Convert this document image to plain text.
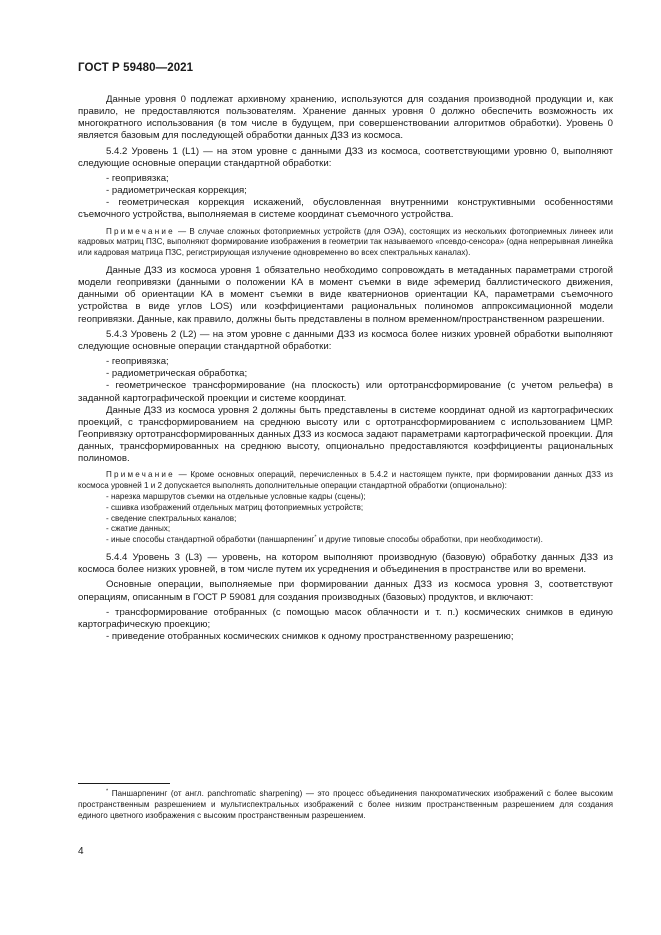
ГОСТ Р 59480—2021

Данные уровня 0 подлежат архивному хранению, используются для создания производной продукции и, как правило, не предоставляются пользователям. Хранение данных уровня 0 должно обеспечить возможность их многократного использования (в том числе в будущем, при совершенствовании алгоритмов обработки). Уровень 0 является базовым для последующей обработки данных ДЗЗ из космоса.

5.4.2 Уровень 1 (L1) — на этом уровне с данными ДЗЗ из космоса, соответствующими уровню 0, выполняют следующие основные операции стандартной обработки:

- геопривязка;

- радиометрическая коррекция;

- геометрическая коррекция искажений, обусловленная внутренними конструктивными особенностями съемочного устройства, выполняемая в системе координат съемочного устройства.

Примечание — В случае сложных фотоприемных устройств (для ОЭА), состоящих из нескольких фотоприемных линеек или кадровых матриц ПЗС, выполняют формирование изображения в геометрии так называемого «псевдо-сенсора» (одна непрерывная линейка или кадровая матрица ПЗС, регистрирующая излучение одновременно во всех спектральных каналах).

Данные ДЗЗ из космоса уровня 1 обязательно необходимо сопровождать в метаданных параметрами строгой модели геопривязки (данными о положении КА в момент съемки в виде эфемерид баллистического движения, данными об ориентации КА в момент съемки в виде кватернионов ориентации КА, параметрами съемочного устройства в виде углов LOS) или коэффициентами рациональных полиномов аппроксимационной модели геопривязки. Данные, как правило, должны быть представлены в полном временном/пространственном разрешении.

5.4.3 Уровень 2 (L2) — на этом уровне с данными ДЗЗ из космоса более низких уровней обработки выполняют следующие основные операции стандартной обработки:

- геопривязка;

- радиометрическая обработка;

- геометрическое трансформирование (на плоскость) или ортотрансформирование (с учетом рельефа) в заданной картографической проекции и системе координат.

Данные ДЗЗ из космоса уровня 2 должны быть представлены в системе координат одной из картографических проекций, с трансформированием на среднюю высоту или с ортотрансформированием с использованием ЦМР. Геопривязку ортотрансформированных данных ДЗЗ из космоса задают параметрами картографической проекции. Для данных, трансформированных на среднюю высоту, опционально предоставляются коэффициенты рациональных полиномов.

Примечание — Кроме основных операций, перечисленных в 5.4.2 и настоящем пункте, при формировании данных ДЗЗ из космоса уровней 1 и 2 допускается выполнять дополнительные операции стандартной обработки (опционально):

- нарезка маршрутов съемки на отдельные условные кадры (сцены);

- сшивка изображений отдельных матриц фотоприемных устройств;

- сведение спектральных каналов;

- сжатие данных;

- иные способы стандартной обработки (паншарпенинг* и другие типовые способы обработки, при необходимости).

5.4.4 Уровень 3 (L3) — уровень, на котором выполняют производную (базовую) обработку данных ДЗЗ из космоса более низких уровней, в том числе путем их усреднения и объединения в пространстве или во времени.

Основные операции, выполняемые при формировании данных ДЗЗ из космоса уровня 3, соответствуют операциям, описанным в ГОСТ Р 59081 для создания производных (базовых) продуктов, и включают:

- трансформирование отобранных (с помощью масок облачности и т. п.) космических снимков в единую картографическую проекцию;

- приведение отобранных космических снимков к одному пространственному разрешению;

* Паншарпенинг (от англ. panchromatic sharpening) — это процесс объединения панхроматических изображений с более высоким пространственным разрешением и мультиспектральных изображений с более низким пространственным разрешением для создания единого цветного изображения с высоким пространственным разрешением.

4
